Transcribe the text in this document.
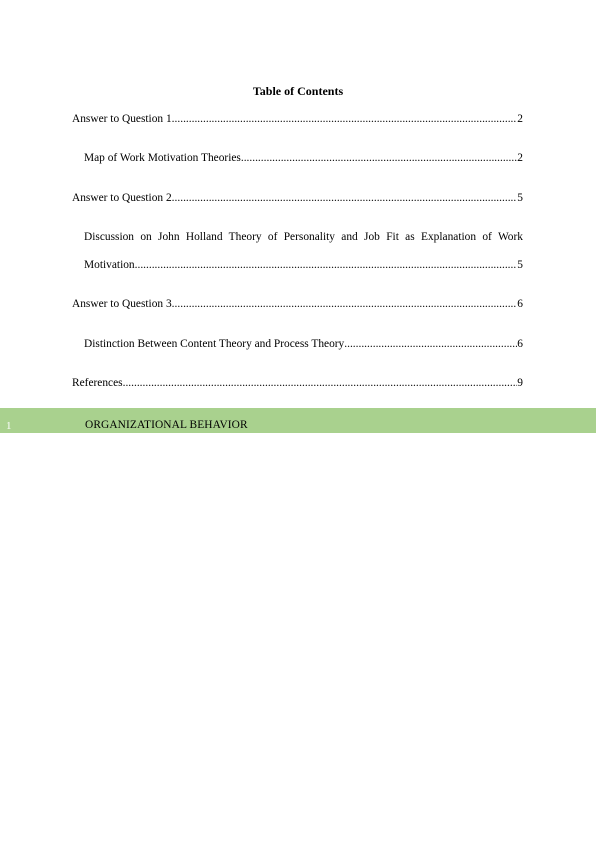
Table of Contents
Answer to Question 1 .....	2
Map of Work Motivation Theories .....	2
Answer to Question 2 .....	5
Discussion on John Holland Theory of Personality and Job Fit as Explanation of Work
Motivation .....	5
Answer to Question 3 .....	6
Distinction Between Content Theory and Process Theory .....	6
References .....	9
1	ORGANIZATIONAL BEHAVIOR
